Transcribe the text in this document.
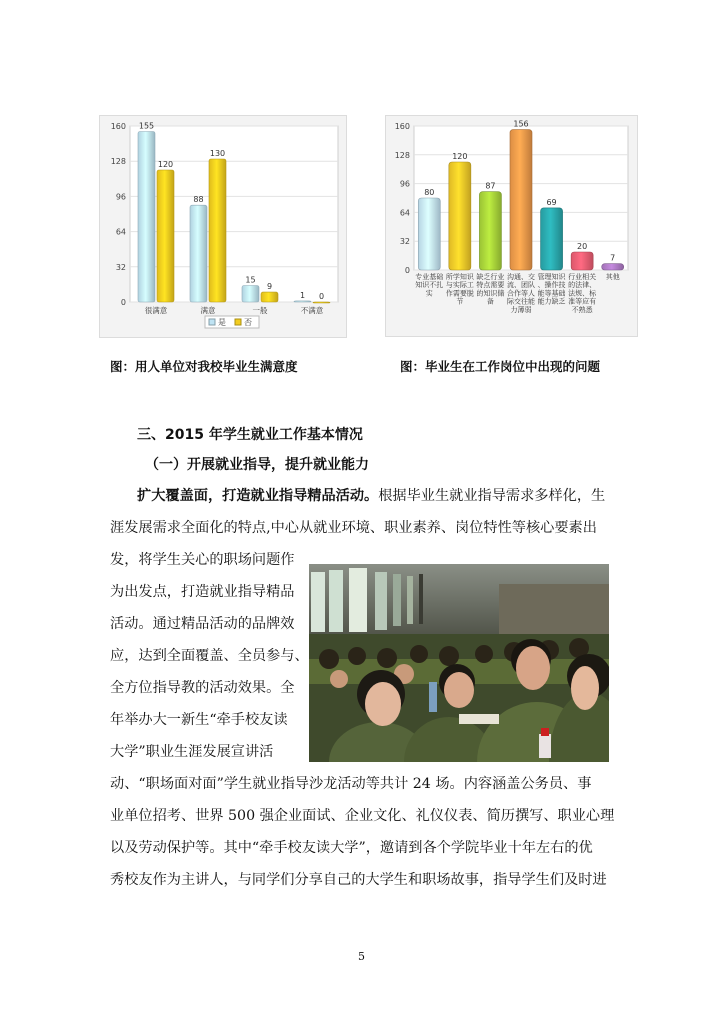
0
32
64
96
128
160 155
120
很满意
88
130
满意
15
9
一般
1 0
不满意
是 否
0
32
64
96
128
160
80
专业基础知识不扎实
120
所学知识与实际工作需要脱节
87
缺乏行业特点需要的知识储备
156
沟通、交流、团队合作等人际交往能力薄弱
69
管理知识、操作技能等基础能力缺乏
20
行业相关的法律、法规、标准等应有不熟悉
7
其他
图：用人单位对我校毕业生满意度	图：毕业生在工作岗位中出现的问题
三、2015 年学生就业工作基本情况
（一）开展就业指导，提升就业能力
扩大覆盖面，打造就业指导精品活动。根据毕业生就业指导需求多样化，生
涯发展需求全面化的特点,中心从就业环境、职业素养、岗位特性等核心要素出
发，将学生关心的职场问题作
为出发点，打造就业指导精品
活动。通过精品活动的品牌效
应，达到全面覆盖、全员参与、
全方位指导教的活动效果。全
年举办大一新生“牵手校友读
大学”职业生涯发展宣讲活
动、“职场面对面”学生就业指导沙龙活动等共计 24 场。内容涵盖公务员、事
业单位招考、世界 500 强企业面试、企业文化、礼仪仪表、简历撰写、职业心理
以及劳动保护等。其中“牵手校友读大学”，邀请到各个学院毕业十年左右的优
秀校友作为主讲人，与同学们分享自己的大学生和职场故事，指导学生们及时进
5
